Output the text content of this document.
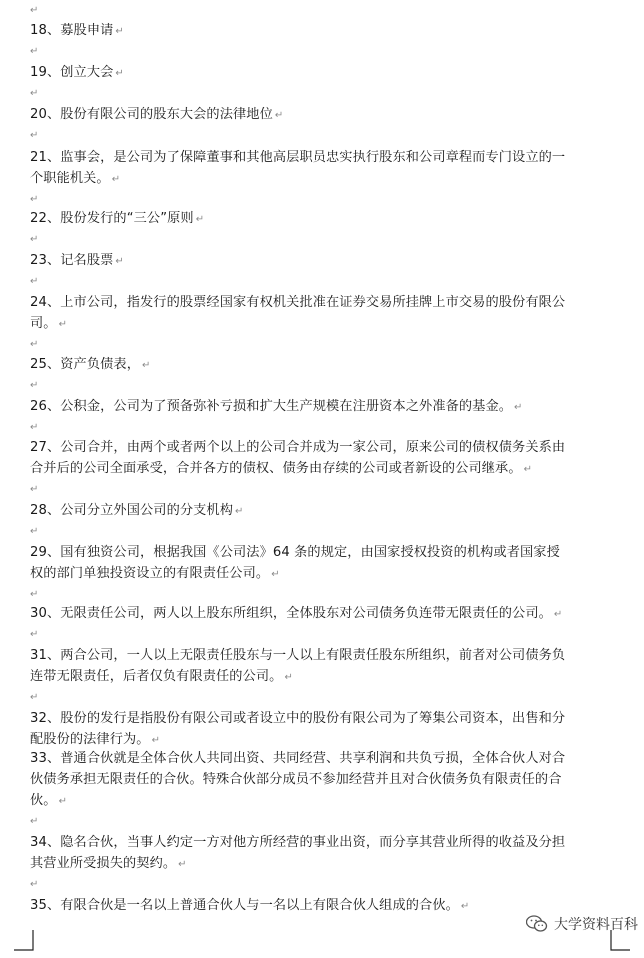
↵
18、募股申请 ↵
↵
19、创立大会 ↵
↵
20、股份有限公司的股东大会的法律地位 ↵
↵
21、监事会，是公司为了保障董事和其他高层职员忠实执行股东和公司章程而专门设立的一
个职能机关。 ↵
↵
22、股份发行的“三公”原则 ↵
↵
23、记名股票 ↵
↵
24、上市公司，指发行的股票经国家有权机关批准在证券交易所挂牌上市交易的股份有限公
司。 ↵
↵
25、资产负债表， ↵
↵
26、公积金，公司为了预备弥补亏损和扩大生产规模在注册资本之外准备的基金。 ↵
↵
27、公司合并，由两个或者两个以上的公司合并成为一家公司，原来公司的债权债务关系由
合并后的公司全面承受，合并各方的债权、债务由存续的公司或者新设的公司继承。 ↵
↵
28、公司分立外国公司的分支机构 ↵
↵
29、国有独资公司，根据我国《公司法》64 条的规定，由国家授权投资的机构或者国家授
权的部门单独投资设立的有限责任公司。 ↵
↵
30、无限责任公司，两人以上股东所组织，全体股东对公司债务负连带无限责任的公司。 ↵
↵
31、两合公司，一人以上无限责任股东与一人以上有限责任股东所组织，前者对公司债务负
连带无限责任，后者仅负有限责任的公司。 ↵
↵
32、股份的发行是指股份有限公司或者设立中的股份有限公司为了筹集公司资本，出售和分
配股份的法律行为。 ↵
33、普通合伙就是全体合伙人共同出资、共同经营、共享利润和共负亏损，全体合伙人对合
伙债务承担无限责任的合伙。特殊合伙部分成员不参加经营并且对合伙债务负有限责任的合
伙。 ↵
↵
34、隐名合伙，当事人约定一方对他方所经营的事业出资，而分享其营业所得的收益及分担
其营业所受损失的契约。 ↵
↵
35、有限合伙是一名以上普通合伙人与一名以上有限合伙人组成的合伙。 ↵
大学资料百科
